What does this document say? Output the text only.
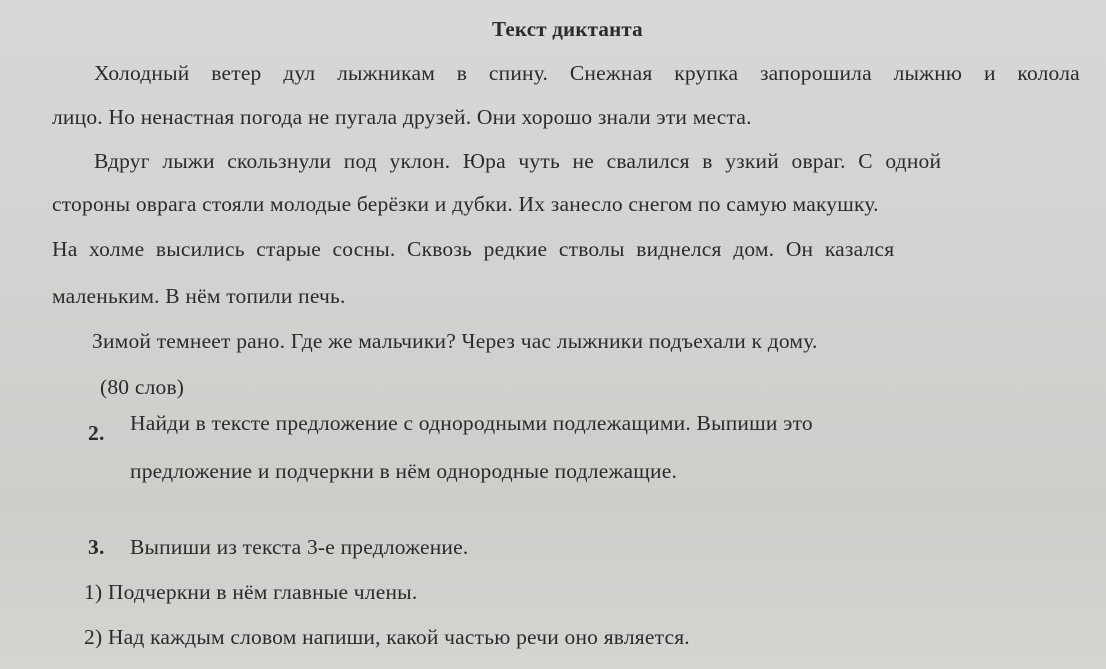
Текст диктанта
Холодный ветер дул лыжникам в спину. Снежная крупка запорошила лыжню и колола
лицо. Но ненастная погода не пугала друзей. Они хорошо знали эти места.
Вдруг лыжи скользнули под уклон. Юра чуть не свалился в узкий овраг. С одной
стороны оврага стояли молодые берёзки и дубки. Их занесло снегом по самую макушку.
На холме высились старые сосны. Сквозь редкие стволы виднелся дом. Он казался
маленьким. В нём топили печь.
Зимой темнеет рано. Где же мальчики? Через час лыжники подъехали к дому.
(80 слов)
2. Найди в тексте предложение с однородными подлежащими. Выпиши это
предложение и подчеркни в нём однородные подлежащие.
3. Выпиши из текста 3-е предложение.
1) Подчеркни в нём главные члены.
2) Над каждым словом напиши, какой частью речи оно является.
